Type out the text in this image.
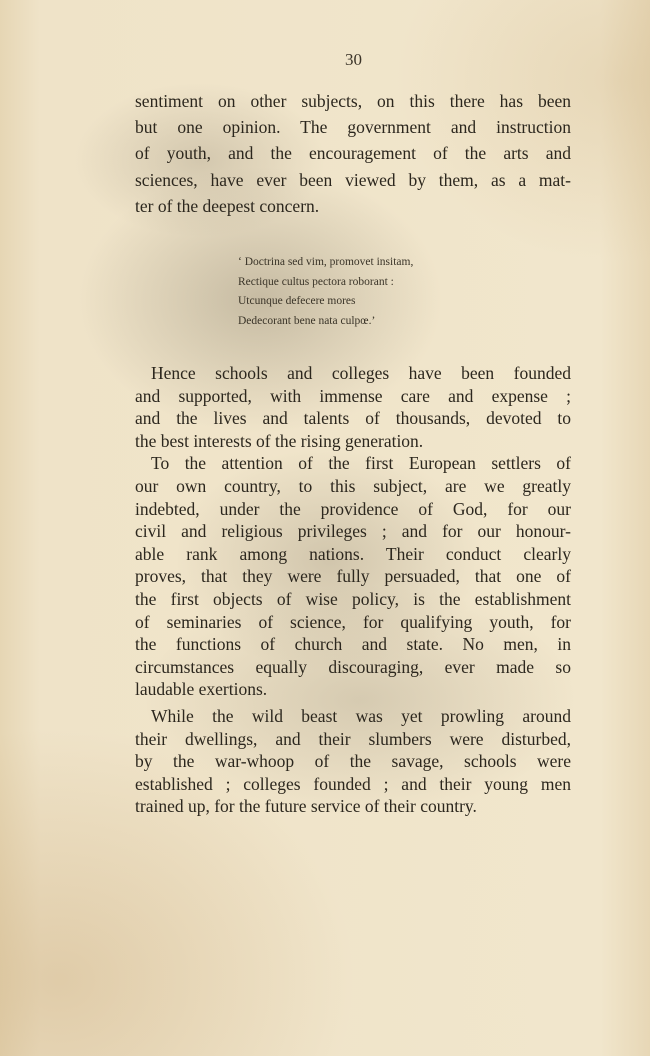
30
sentiment on other subjects, on this there has been
but one opinion. The government and instruction
of youth, and the encouragement of the arts and
sciences, have ever been viewed by them, as a mat-
ter of the deepest concern.
‘ Doctrina sed vim, promovet insitam,
Rectique cultus pectora roborant :
Utcunque defecere mores
Dedecorant bene nata culpœ.’
Hence schools and colleges have been founded
and supported, with immense care and expense ;
and the lives and talents of thousands, devoted to
the best interests of the rising generation.
To the attention of the first European settlers of
our own country, to this subject, are we greatly
indebted, under the providence of God, for our
civil and religious privileges ; and for our honour-
able rank among nations. Their conduct clearly
proves, that they were fully persuaded, that one of
the first objects of wise policy, is the establishment
of seminaries of science, for qualifying youth, for
the functions of church and state. No men, in
circumstances equally discouraging, ever made so
laudable exertions.
While the wild beast was yet prowling around
their dwellings, and their slumbers were disturbed,
by the war-whoop of the savage, schools were
established ; colleges founded ; and their young men
trained up, for the future service of their country.
